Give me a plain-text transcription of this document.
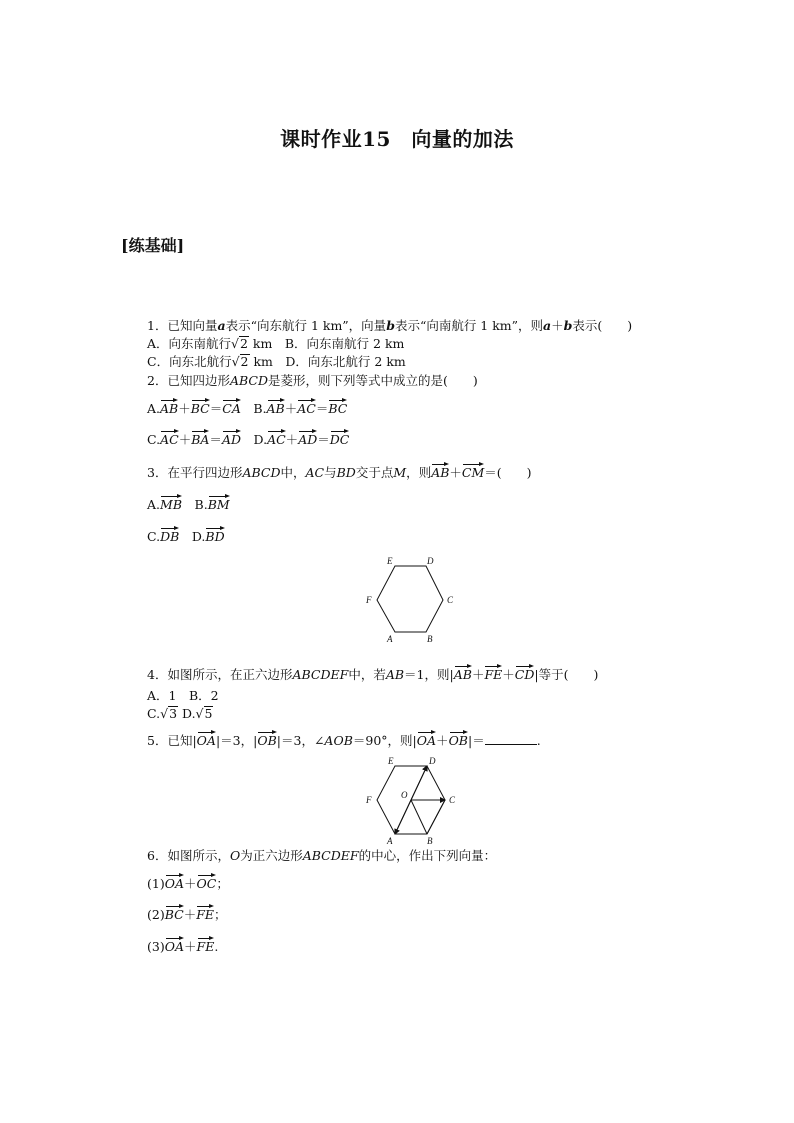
课时作业15　向量的加法
[练基础]
1．已知向量a表示“向东航行 1 km”，向量b表示“向南航行 1 km”，则a＋b表示(　　)
A．向东南航行√2 km　B．向东南航行 2 km
C．向东北航行√2 km　D．向东北航行 2 km
2．已知四边形ABCD是菱形，则下列等式中成立的是(　　)
A.AB＋BC＝CA　 B.AB＋AC＝BC
C.AC＋BA＝AD　 D.AC＋AD＝DC
3．在平行四边形ABCD中，AC与BD交于点M，则AB＋CM＝(　　)
A.MB　 B.BM
C.DB　 D.BD
E	D
F	C
A	B
4．如图所示，在正六边形ABCDEF中，若AB＝1，则|AB＋FE＋CD|等于(　　)
A．1　B．2
C.√3 D.√5
5．已知|OA|＝3，|OB|＝3，∠AOB＝90°，则|OA＋OB|＝	.
E	D
F	O	C
A	B
6．如图所示，O为正六边形ABCDEF的中心，作出下列向量：
(1)OA＋OC；
(2)BC＋FE；
(3)OA＋FE.
